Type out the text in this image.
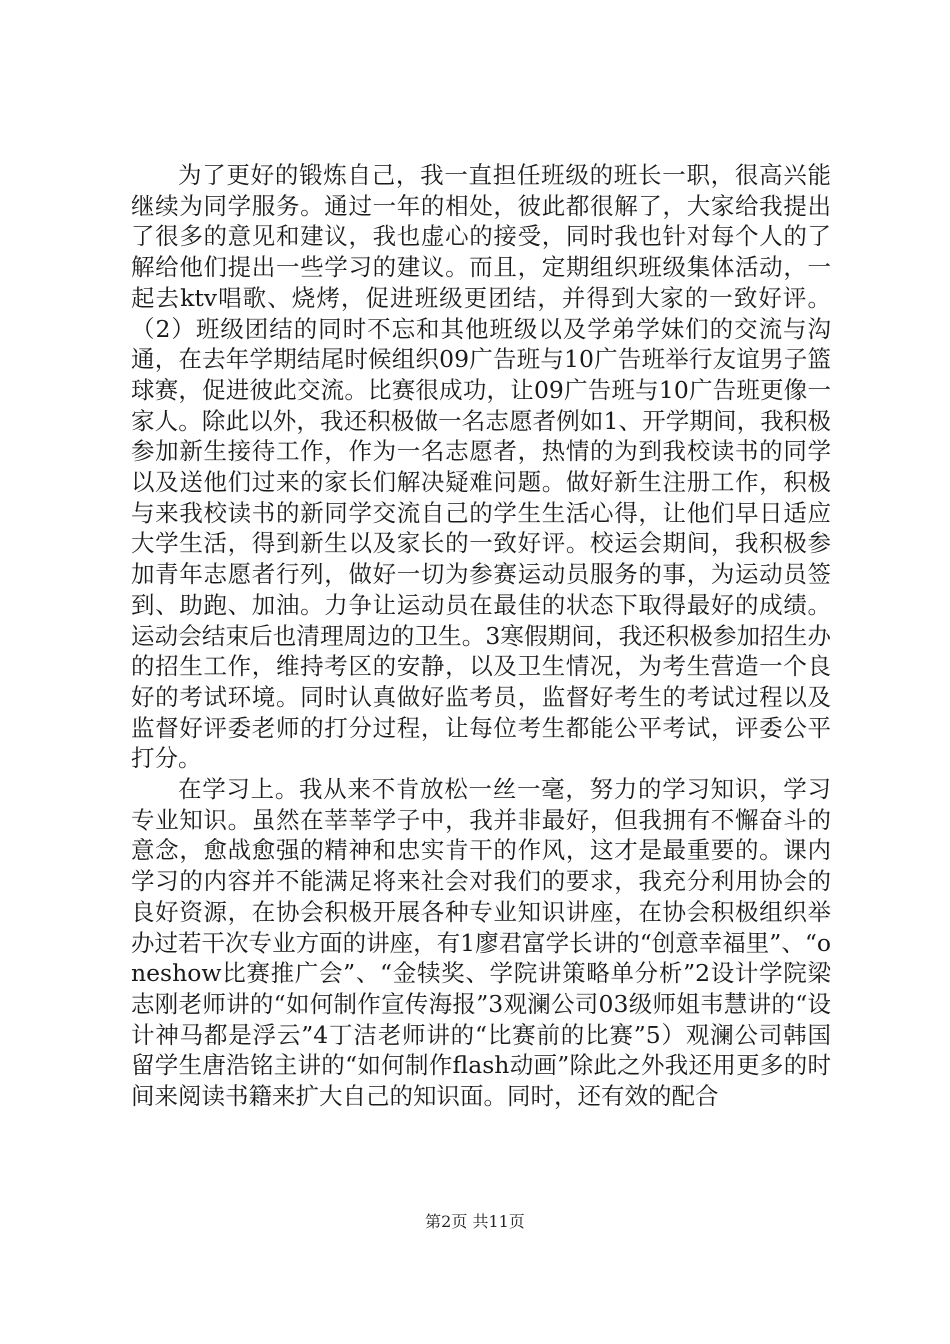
为了更好的锻炼自己，我一直担任班级的班长一职，很高兴能继续为同学服务。通过一年的相处，彼此都很解了，大家给我提出了很多的意见和建议，我也虚心的接受，同时我也针对每个人的了解给他们提出一些学习的建议。而且，定期组织班级集体活动，一起去ktv唱歌、烧烤，促进班级更团结，并得到大家的一致好评。（2）班级团结的同时不忘和其他班级以及学弟学妹们的交流与沟通，在去年学期结尾时候组织09广告班与10广告班举行友谊男子篮球赛，促进彼此交流。比赛很成功，让09广告班与10广告班更像一家人。除此以外，我还积极做一名志愿者例如1、开学期间，我积极参加新生接待工作，作为一名志愿者，热情的为到我校读书的同学以及送他们过来的家长们解决疑难问题。做好新生注册工作，积极与来我校读书的新同学交流自己的学生生活心得，让他们早日适应大学生活，得到新生以及家长的一致好评。校运会期间，我积极参加青年志愿者行列，做好一切为参赛运动员服务的事，为运动员签到、助跑、加油。力争让运动员在最佳的状态下取得最好的成绩。运动会结束后也清理周边的卫生。3寒假期间，我还积极参加招生办的招生工作，维持考区的安静，以及卫生情况，为考生营造一个良好的考试环境。同时认真做好监考员，监督好考生的考试过程以及监督好评委老师的打分过程，让每位考生都能公平考试，评委公平打分。

在学习上。我从来不肯放松一丝一毫，努力的学习知识，学习专业知识。虽然在莘莘学子中，我并非最好，但我拥有不懈奋斗的意念，愈战愈强的精神和忠实肯干的作风，这才是最重要的。课内学习的内容并不能满足将来社会对我们的要求，我充分利用协会的良好资源，在协会积极开展各种专业知识讲座，在协会积极组织举办过若干次专业方面的讲座，有1廖君富学长讲的“创意幸福里”、“oneshow比赛推广会”、“金犊奖、学院讲策略单分析”2设计学院梁志刚老师讲的“如何制作宣传海报”3观澜公司03级师姐韦慧讲的“设计神马都是浮云”4丁洁老师讲的“比赛前的比赛”5）观澜公司韩国留学生唐浩铭主讲的“如何制作flash动画”除此之外我还用更多的时间来阅读书籍来扩大自己的知识面。同时，还有效的配合

第2页 共11页
